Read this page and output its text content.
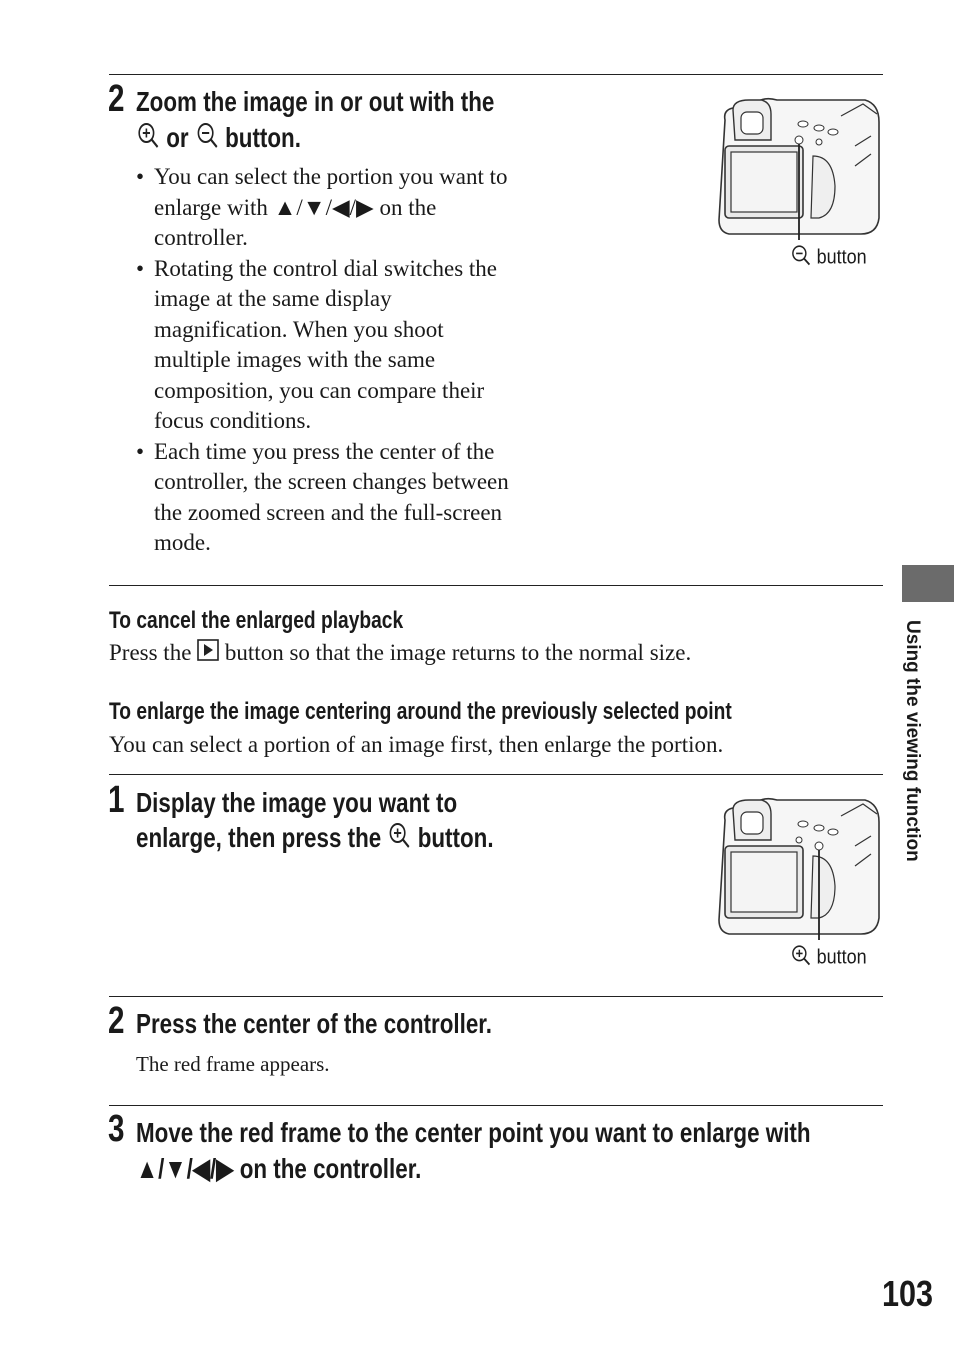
2 Zoom the image in or out with the
or button.
• You can select the portion you want to
enlarge with ▲/▼/◀/▶ on the
controller.
• Rotating the control dial switches the
image at the same display
magnification. When you shoot
multiple images with the same
composition, you can compare their
focus conditions.
• Each time you press the center of the
controller, the screen changes between
the zoomed screen and the full-screen
mode.
button
To cancel the enlarged playback
Press the button so that the image returns to the normal size.
To enlarge the image centering around the previously selected point
You can select a portion of an image first, then enlarge the portion.
1 Display the image you want to
enlarge, then press the button.
button
2 Press the center of the controller.
The red frame appears.
3 Move the red frame to the center point you want to enlarge with
▲/▼/◀/▶ on the controller.
Using the viewing function
103
